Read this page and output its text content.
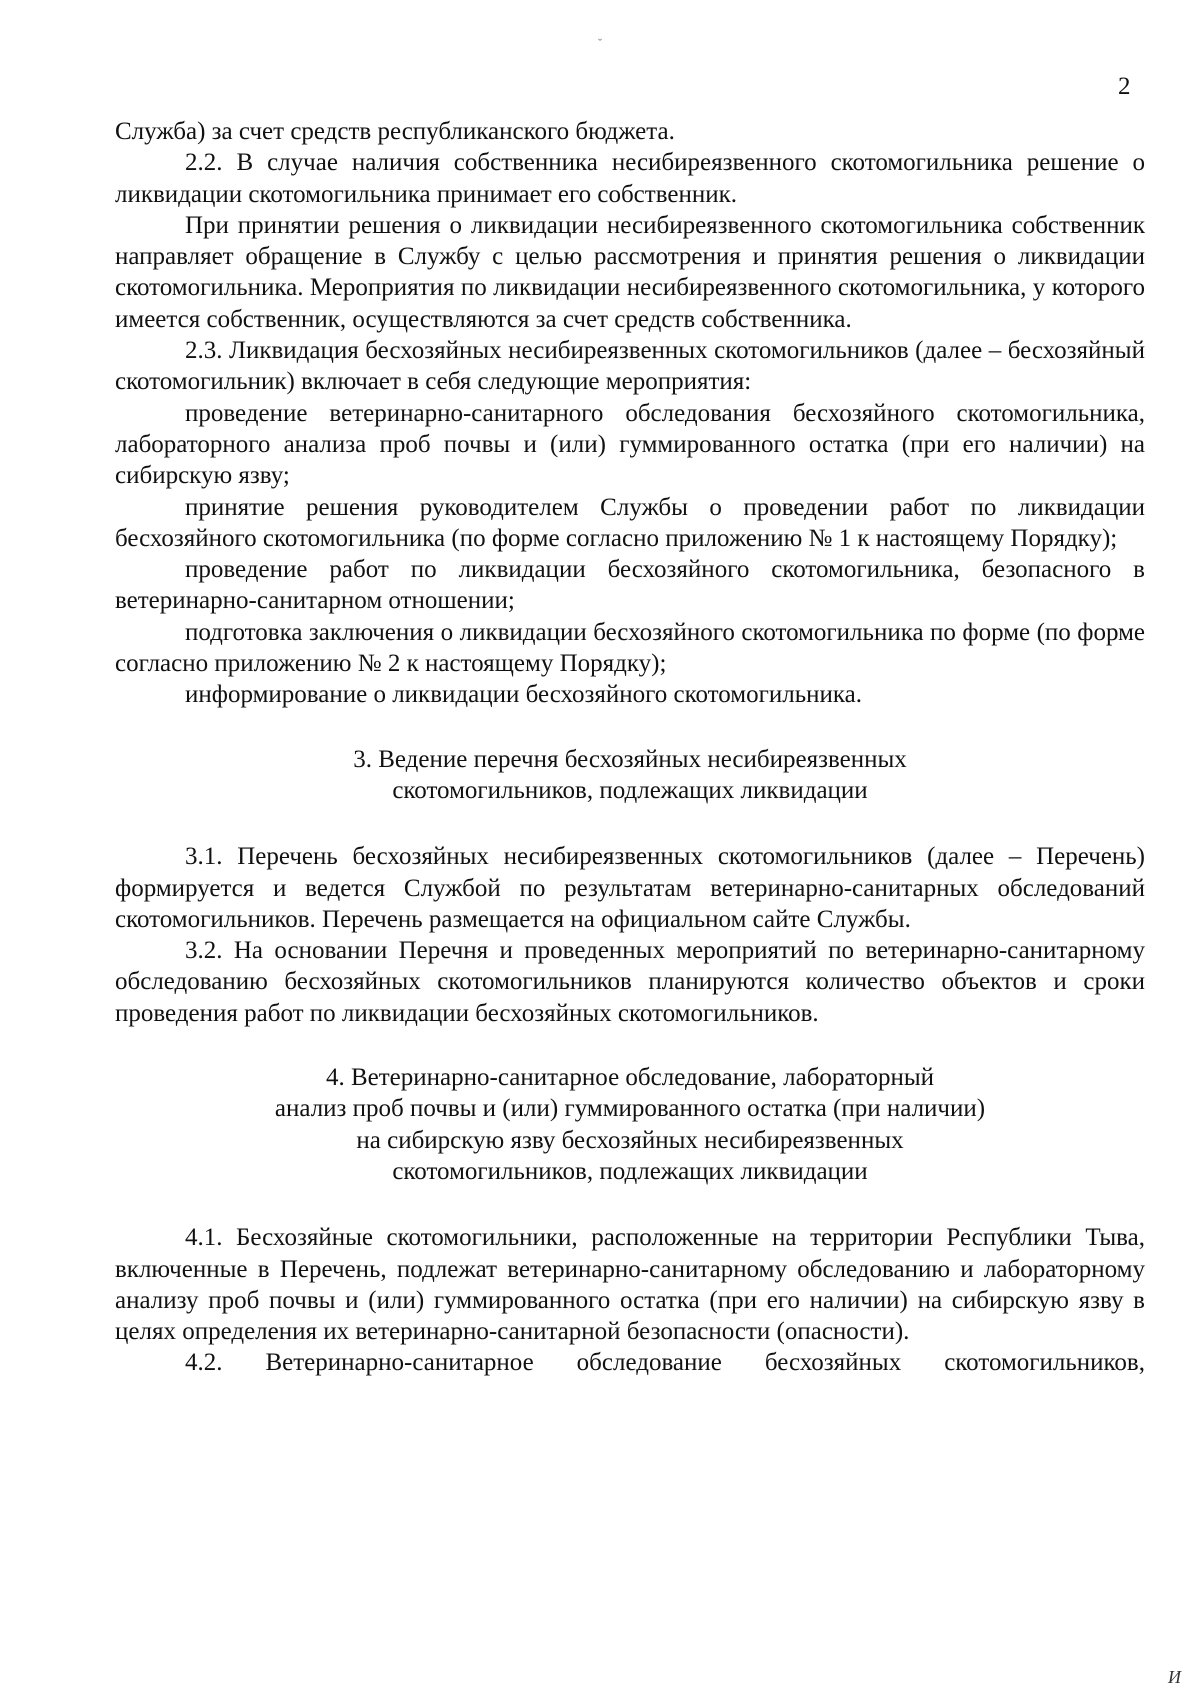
ˇ
2

Служба) за счет средств республиканского бюджета.

2.2. В случае наличия собственника несибиреязвенного скотомогильника решение о ликвидации скотомогильника принимает его собственник.

При принятии решения о ликвидации несибиреязвенного скотомогильника собственник направляет обращение в Службу с целью рассмотрения и принятия решения о ликвидации скотомогильника. Мероприятия по ликвидации несибиреязвенного скотомогильника, у которого имеется собственник, осуществляются за счет средств собственника.

2.3. Ликвидация бесхозяйных несибиреязвенных скотомогильников (далее – бесхозяйный скотомогильник) включает в себя следующие мероприятия:

проведение ветеринарно-санитарного обследования бесхозяйного скотомогильника, лабораторного анализа проб почвы и (или) гуммированного остатка (при его наличии) на сибирскую язву;

принятие решения руководителем Службы о проведении работ по ликвидации бесхозяйного скотомогильника (по форме согласно приложению № 1 к настоящему Порядку);

проведение работ по ликвидации бесхозяйного скотомогильника, безопасного в ветеринарно-санитарном отношении;

подготовка заключения о ликвидации бесхозяйного скотомогильника по форме (по форме согласно приложению № 2 к настоящему Порядку);

информирование о ликвидации бесхозяйного скотомогильника.

3. Ведение перечня бесхозяйных несибиреязвенных
скотомогильников, подлежащих ликвидации

3.1. Перечень бесхозяйных несибиреязвенных скотомогильников (далее – Перечень) формируется и ведется Службой по результатам ветеринарно-санитарных обследований скотомогильников. Перечень размещается на официальном сайте Службы.

3.2. На основании Перечня и проведенных мероприятий по ветеринарно-санитарному обследованию бесхозяйных скотомогильников планируются количество объектов и сроки проведения работ по ликвидации бесхозяйных скотомогильников.

4. Ветеринарно-санитарное обследование, лабораторный
анализ проб почвы и (или) гуммированного остатка (при наличии)
на сибирскую язву бесхозяйных несибиреязвенных
скотомогильников, подлежащих ликвидации

4.1. Бесхозяйные скотомогильники, расположенные на территории Республики Тыва, включенные в Перечень, подлежат ветеринарно-санитарному обследованию и лабораторному анализу проб почвы и (или) гуммированного остатка (при его наличии) на сибирскую язву в целях определения их ветеринарно-санитарной безопасности (опасности).

4.2. Ветеринарно-санитарное обследование бесхозяйных скотомогильников,

И
